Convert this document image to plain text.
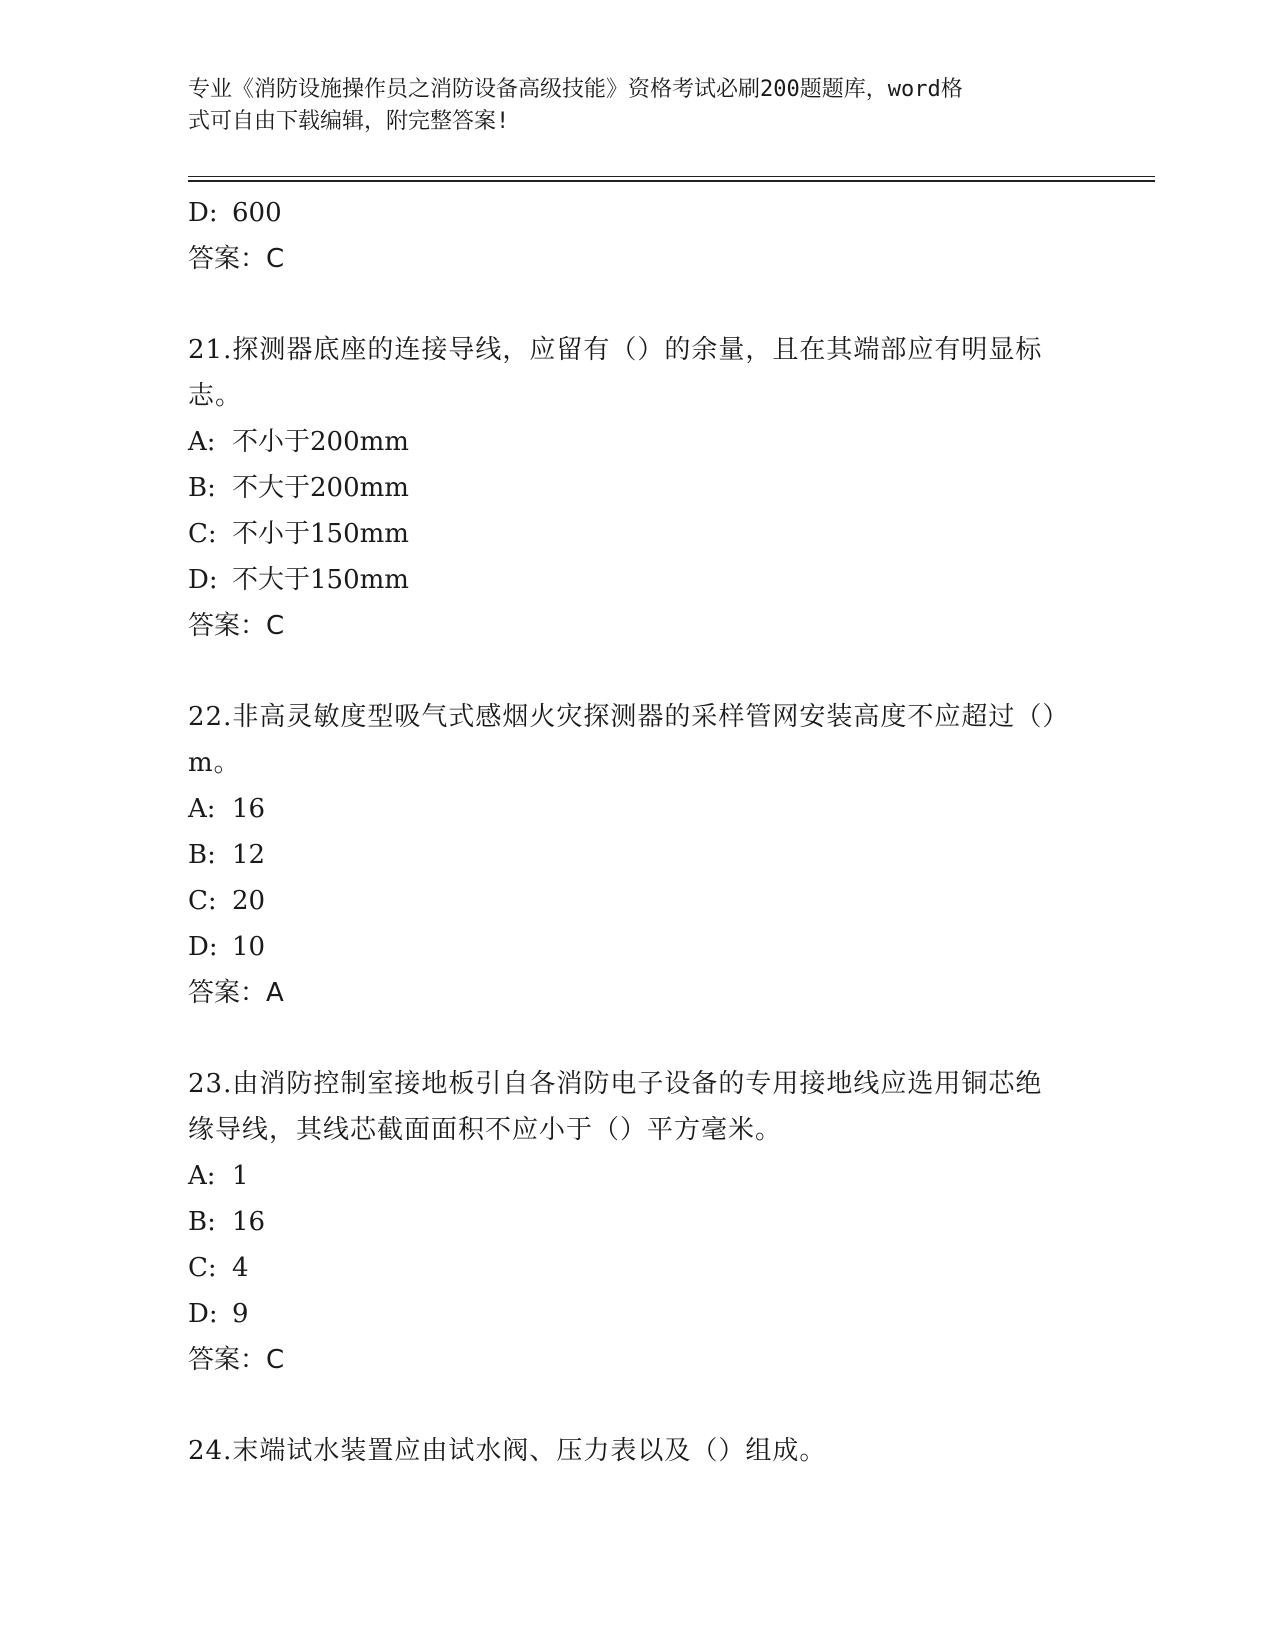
专业《消防设施操作员之消防设备高级技能》资格考试必刷200题题库，word格
式可自由下载编辑，附完整答案!
D: 600
答案：C
21.探测器底座的连接导线，应留有（）的余量，且在其端部应有明显标志。
A: 不小于200mm
B: 不大于200mm
C: 不小于150mm
D: 不大于150mm
答案：C
22.非高灵敏度型吸气式感烟火灾探测器的采样管网安装高度不应超过（）m。
A: 16
B: 12
C: 20
D: 10
答案：A
23.由消防控制室接地板引自各消防电子设备的专用接地线应选用铜芯绝缘导线，其线芯截面面积不应小于（）平方毫米。
A: 1
B: 16
C: 4
D: 9
答案：C
24.末端试水装置应由试水阀、压力表以及（）组成。
